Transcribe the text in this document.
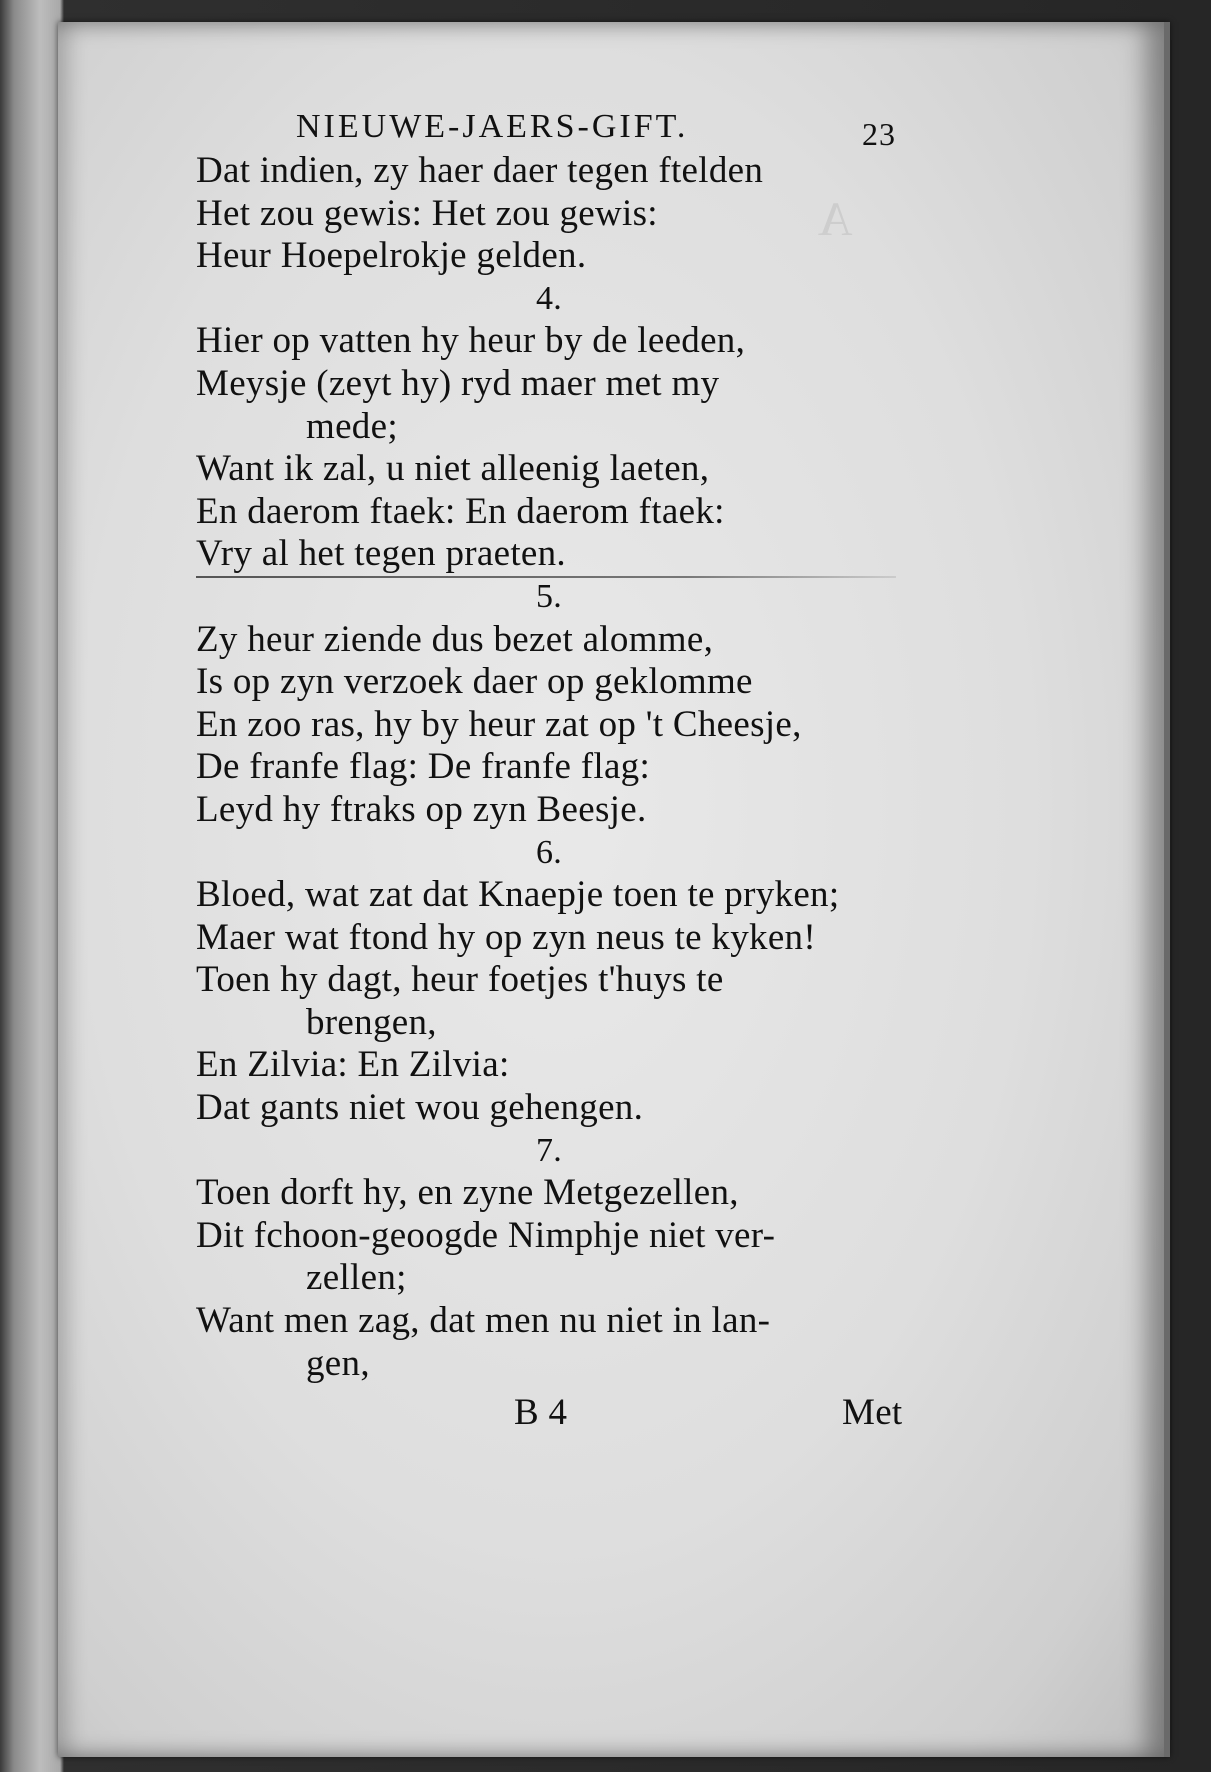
A
NIEUWE-JAERS-GIFT.	23
Dat indien, zy haer daer tegen ftelden
Het zou gewis: Het zou gewis:
Heur Hoepelrokje gelden.
4.
Hier op vatten hy heur by de leeden,
Meysje (zeyt hy) ryd maer met my
mede;
Want ik zal, u niet alleenig laeten,
En daerom ftaek: En daerom ftaek:
Vry al het tegen praeten.
5.
Zy heur ziende dus bezet alomme,
Is op zyn verzoek daer op geklomme
En zoo ras, hy by heur zat op 't Cheesje,
De franfe flag: De franfe flag:
Leyd hy ftraks op zyn Beesje.
6.
Bloed, wat zat dat Knaepje toen te pryken;
Maer wat ftond hy op zyn neus te kyken!
Toen hy dagt, heur foetjes t'huys te
brengen,
En Zilvia: En Zilvia:
Dat gants niet wou gehengen.
7.
Toen dorft hy, en zyne Metgezellen,
Dit fchoon-geoogde Nimphje niet ver-
zellen;
Want men zag, dat men nu niet in lan-
gen,
B 4	Met
